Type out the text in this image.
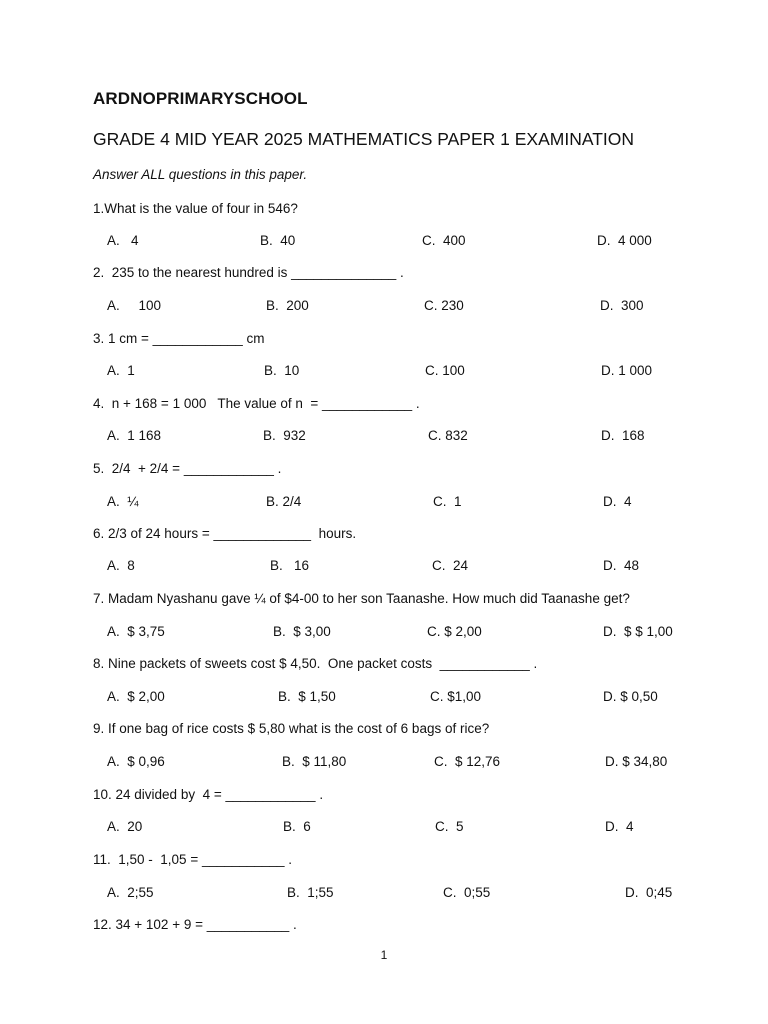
ARDNOPRIMARYSCHOOL
GRADE 4 MID YEAR 2025 MATHEMATICS PAPER 1 EXAMINATION
Answer ALL questions in this paper.
1.What is the value of four in 546?
A.   4	B.  40	C.  400	D.  4 000
2.  235 to the nearest hundred is ______________ .
A.     100	B.  200	C. 230	D.  300
3. 1 cm = ____________ cm
A.  1	B.  10	C. 100	D. 1 000
4.  n + 168 = 1 000   The value of n  = ____________ .
A.  1 168	B.  932	C. 832	D.  168
5.  2/4  + 2/4 = ____________ .
A.  ¼	B. 2/4	C.  1	D.  4
6. 2/3 of 24 hours = _____________  hours.
A.  8	B.   16	C.  24	D.  48
7. Madam Nyashanu gave ¼ of $4-00 to her son Taanashe. How much did Taanashe get?
A.  $ 3,75	B.  $ 3,00	C. $ 2,00	D.  $ $ 1,00
8. Nine packets of sweets cost $ 4,50.  One packet costs  ____________ .
A.  $ 2,00	B.  $ 1,50	C. $1,00	D. $ 0,50
9. If one bag of rice costs $ 5,80 what is the cost of 6 bags of rice?
A.  $ 0,96	B.  $ 11,80	C.  $ 12,76	D. $ 34,80
10. 24 divided by  4 = ____________ .
A.  20	B.  6	C.  5	D.  4
11.  1,50 -  1,05 = ___________ .
A.  2;55	B.  1;55	C.  0;55	D.  0;45
12. 34 + 102 + 9 = ___________ .
1
